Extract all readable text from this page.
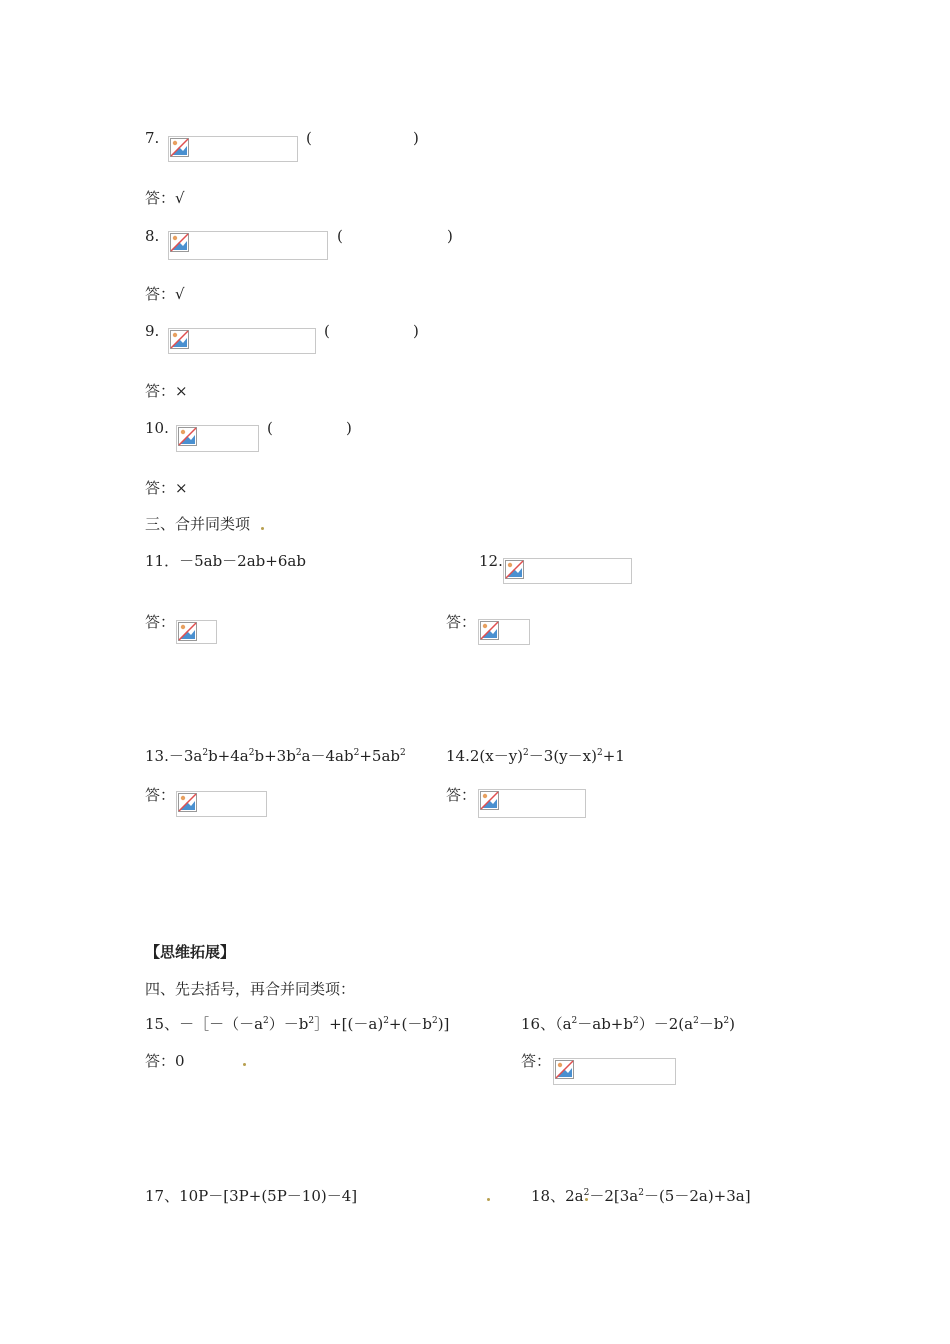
7.	(	)
答：√
8.	(	)
答：√
9.	(	)
答：×
10.	(	)
答：×
三、合并同类项
11．－5ab－2ab+6ab
答：
12.
答：
$13.-3a^2b+4a^2b+3b^2a-4ab^2+5ab^2$
答：
$14.2(x-y)^2-3(y-x)^2+1$
答：
【思维拓展】
四、先去括号，再合并同类项：
15、$-[-(-a^2)-b^2]+[(-a)^2+(-b^2)]$
答：0
16、$(a^2-ab+b^2)-2(a^2-b^2)$
答：
17、10P－[3P+(5P－10)－4]	18、$2a^2-2[3a^2-(5-2a)+3a]$
